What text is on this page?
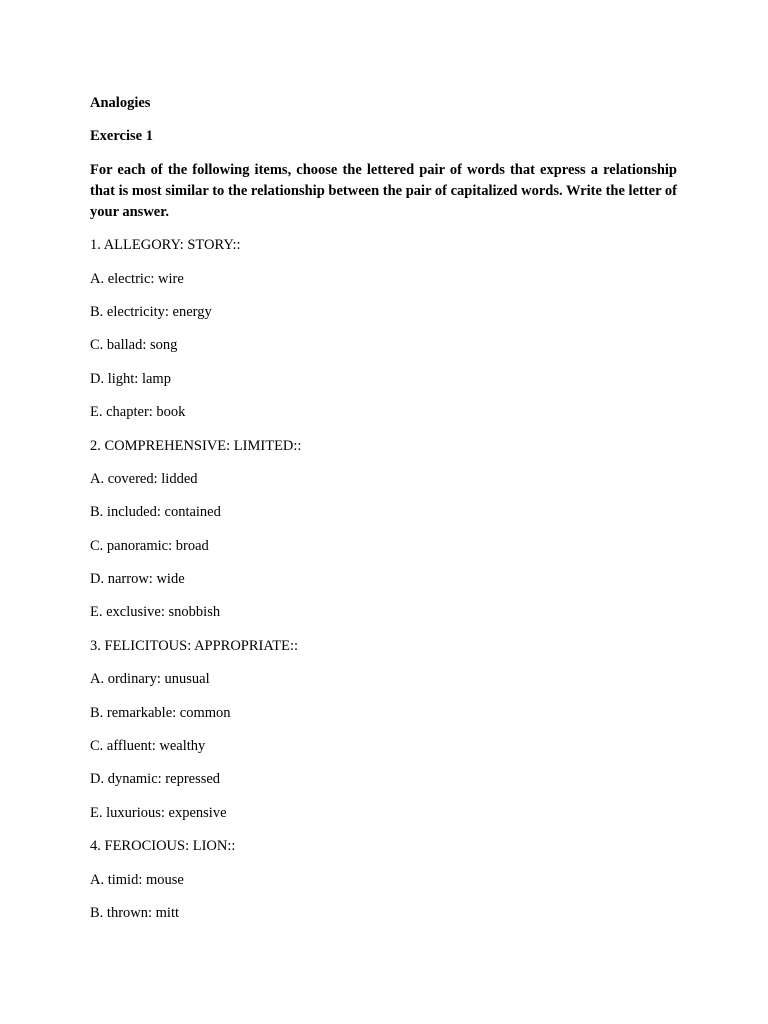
Analogies
Exercise 1
For each of the following items, choose the lettered pair of words that express a relationship that is most similar to the relationship between the pair of capitalized words. Write the letter of your answer.
1. ALLEGORY: STORY::
A. electric: wire
B. electricity: energy
C. ballad: song
D. light: lamp
E. chapter: book
2. COMPREHENSIVE: LIMITED::
A. covered: lidded
B. included: contained
C. panoramic: broad
D. narrow: wide
E. exclusive: snobbish
3. FELICITOUS: APPROPRIATE::
A. ordinary: unusual
B. remarkable: common
C. affluent: wealthy
D. dynamic: repressed
E. luxurious: expensive
4. FEROCIOUS: LION::
A. timid: mouse
B. thrown: mitt
